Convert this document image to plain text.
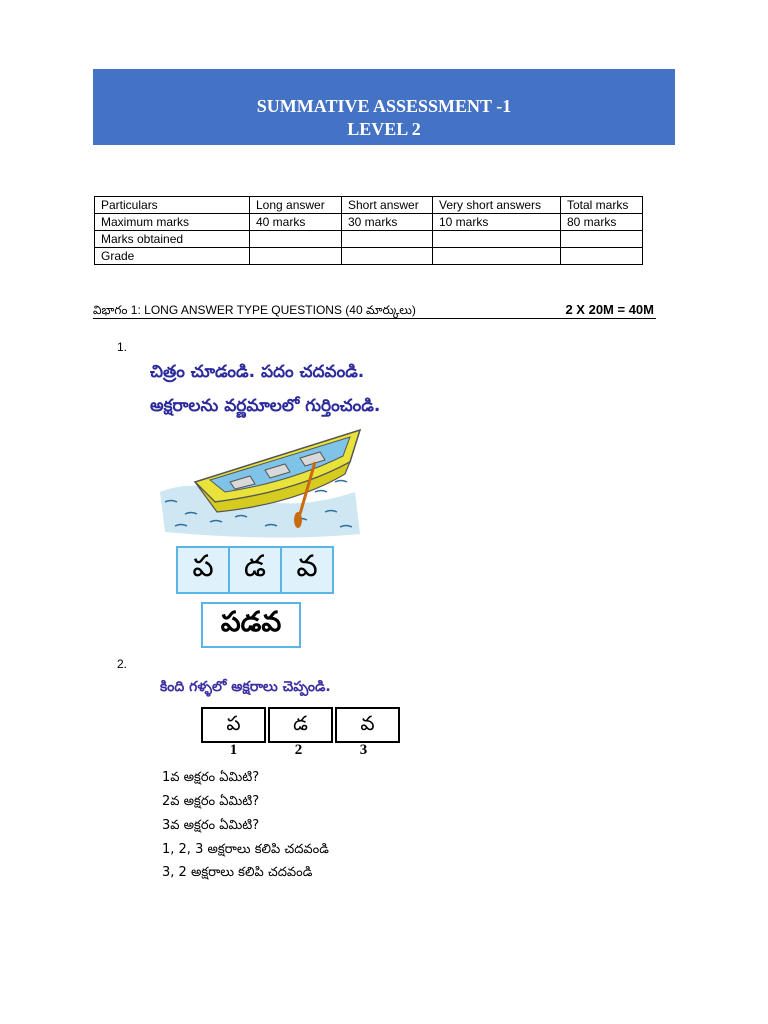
SUMMATIVE ASSESSMENT -1
LEVEL 2
Particulars	Long answer	Short answer	Very short answers	Total marks
Maximum marks	40 marks	30 marks	10 marks	80 marks
Marks obtained				
Grade				
విభాగం 1: LONG ANSWER TYPE QUESTIONS (40 మార్కులు)	2 X 20M = 40M
1.
చిత్రం చూడండి. పదం చదవండి.
అక్షరాలను వర్ణమాలలో గుర్తించండి.
ప	డ	వ
పడవ
2.
కింది గళ్ళలో అక్షరాలు చెప్పండి.
ప	డ	వ
1	2	3
1వ అక్షరం ఏమిటి?
2వ అక్షరం ఏమిటి?
3వ అక్షరం ఏమిటి?
1, 2, 3 అక్షరాలు కలిపి చదవండి
3, 2 అక్షరాలు కలిపి చదవండి
